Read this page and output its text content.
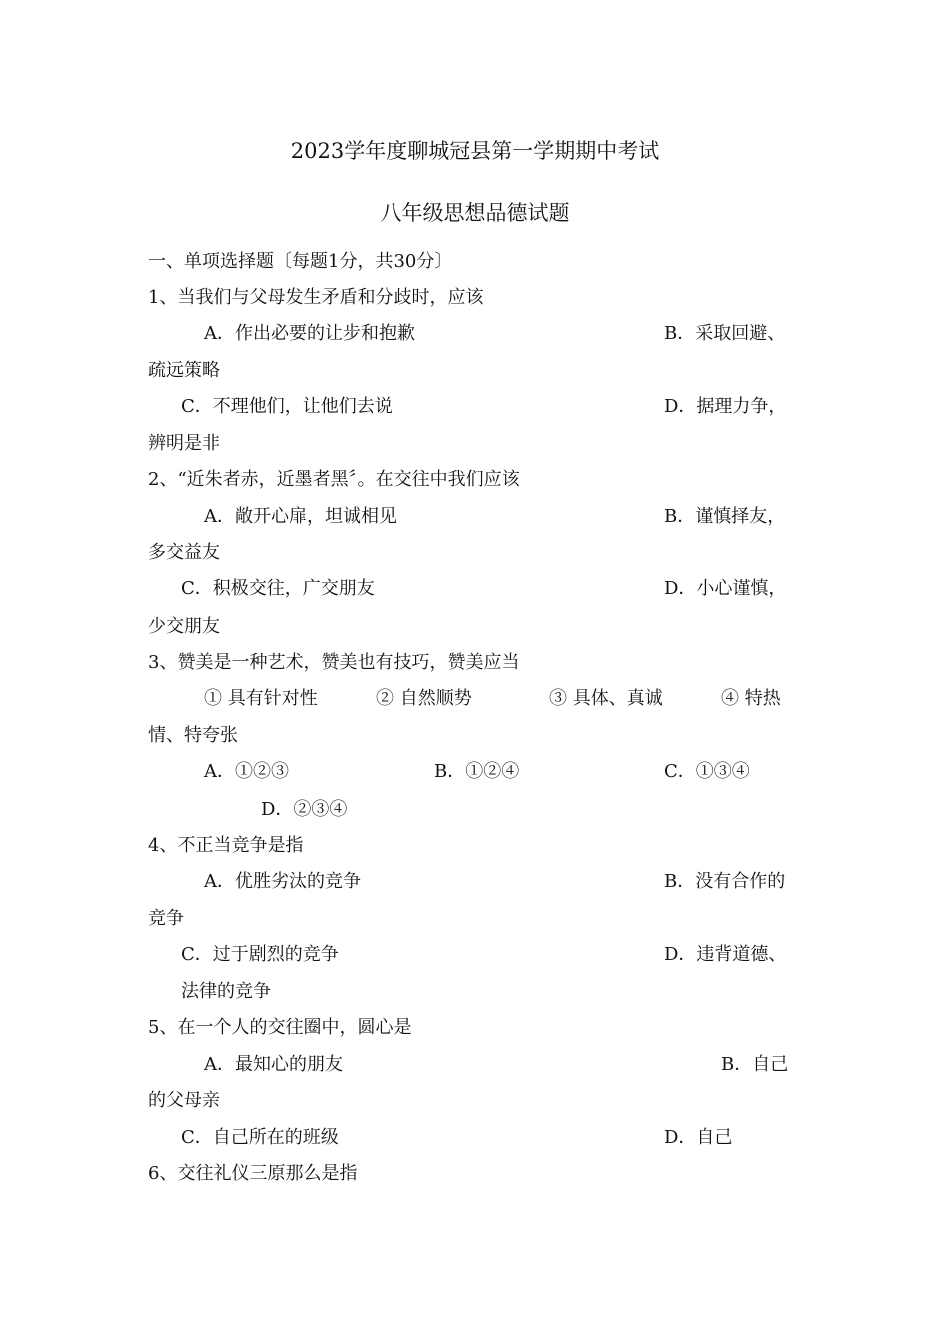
2023学年度聊城冠县第一学期期中考试
八年级思想品德试题
一、单项选择题〔每题1分，共30分〕
1、当我们与父母发生矛盾和分歧时，应该
A．作出必要的让步和抱歉	B．采取回避、
疏远策略
C．不理他们，让他们去说	D．据理力争，
辨明是非
2、“近朱者赤，近墨者黑〞。在交往中我们应该
A．敞开心扉，坦诚相见	B．谨慎择友，
多交益友
C．积极交往，广交朋友	D．小心谨慎，
少交朋友
3、赞美是一种艺术，赞美也有技巧，赞美应当
① 具有针对性	② 自然顺势	③ 具体、真诚	④ 特热
情、特夸张
A．①②③	B．①②④	C．①③④
D．②③④
4、不正当竞争是指
A．优胜劣汰的竞争	B．没有合作的
竞争
C．过于剧烈的竞争	D．违背道德、
法律的竞争
5、在一个人的交往圈中，圆心是
A．最知心的朋友	B．自己
的父母亲
C．自己所在的班级	D．自己
6、交往礼仪三原那么是指
